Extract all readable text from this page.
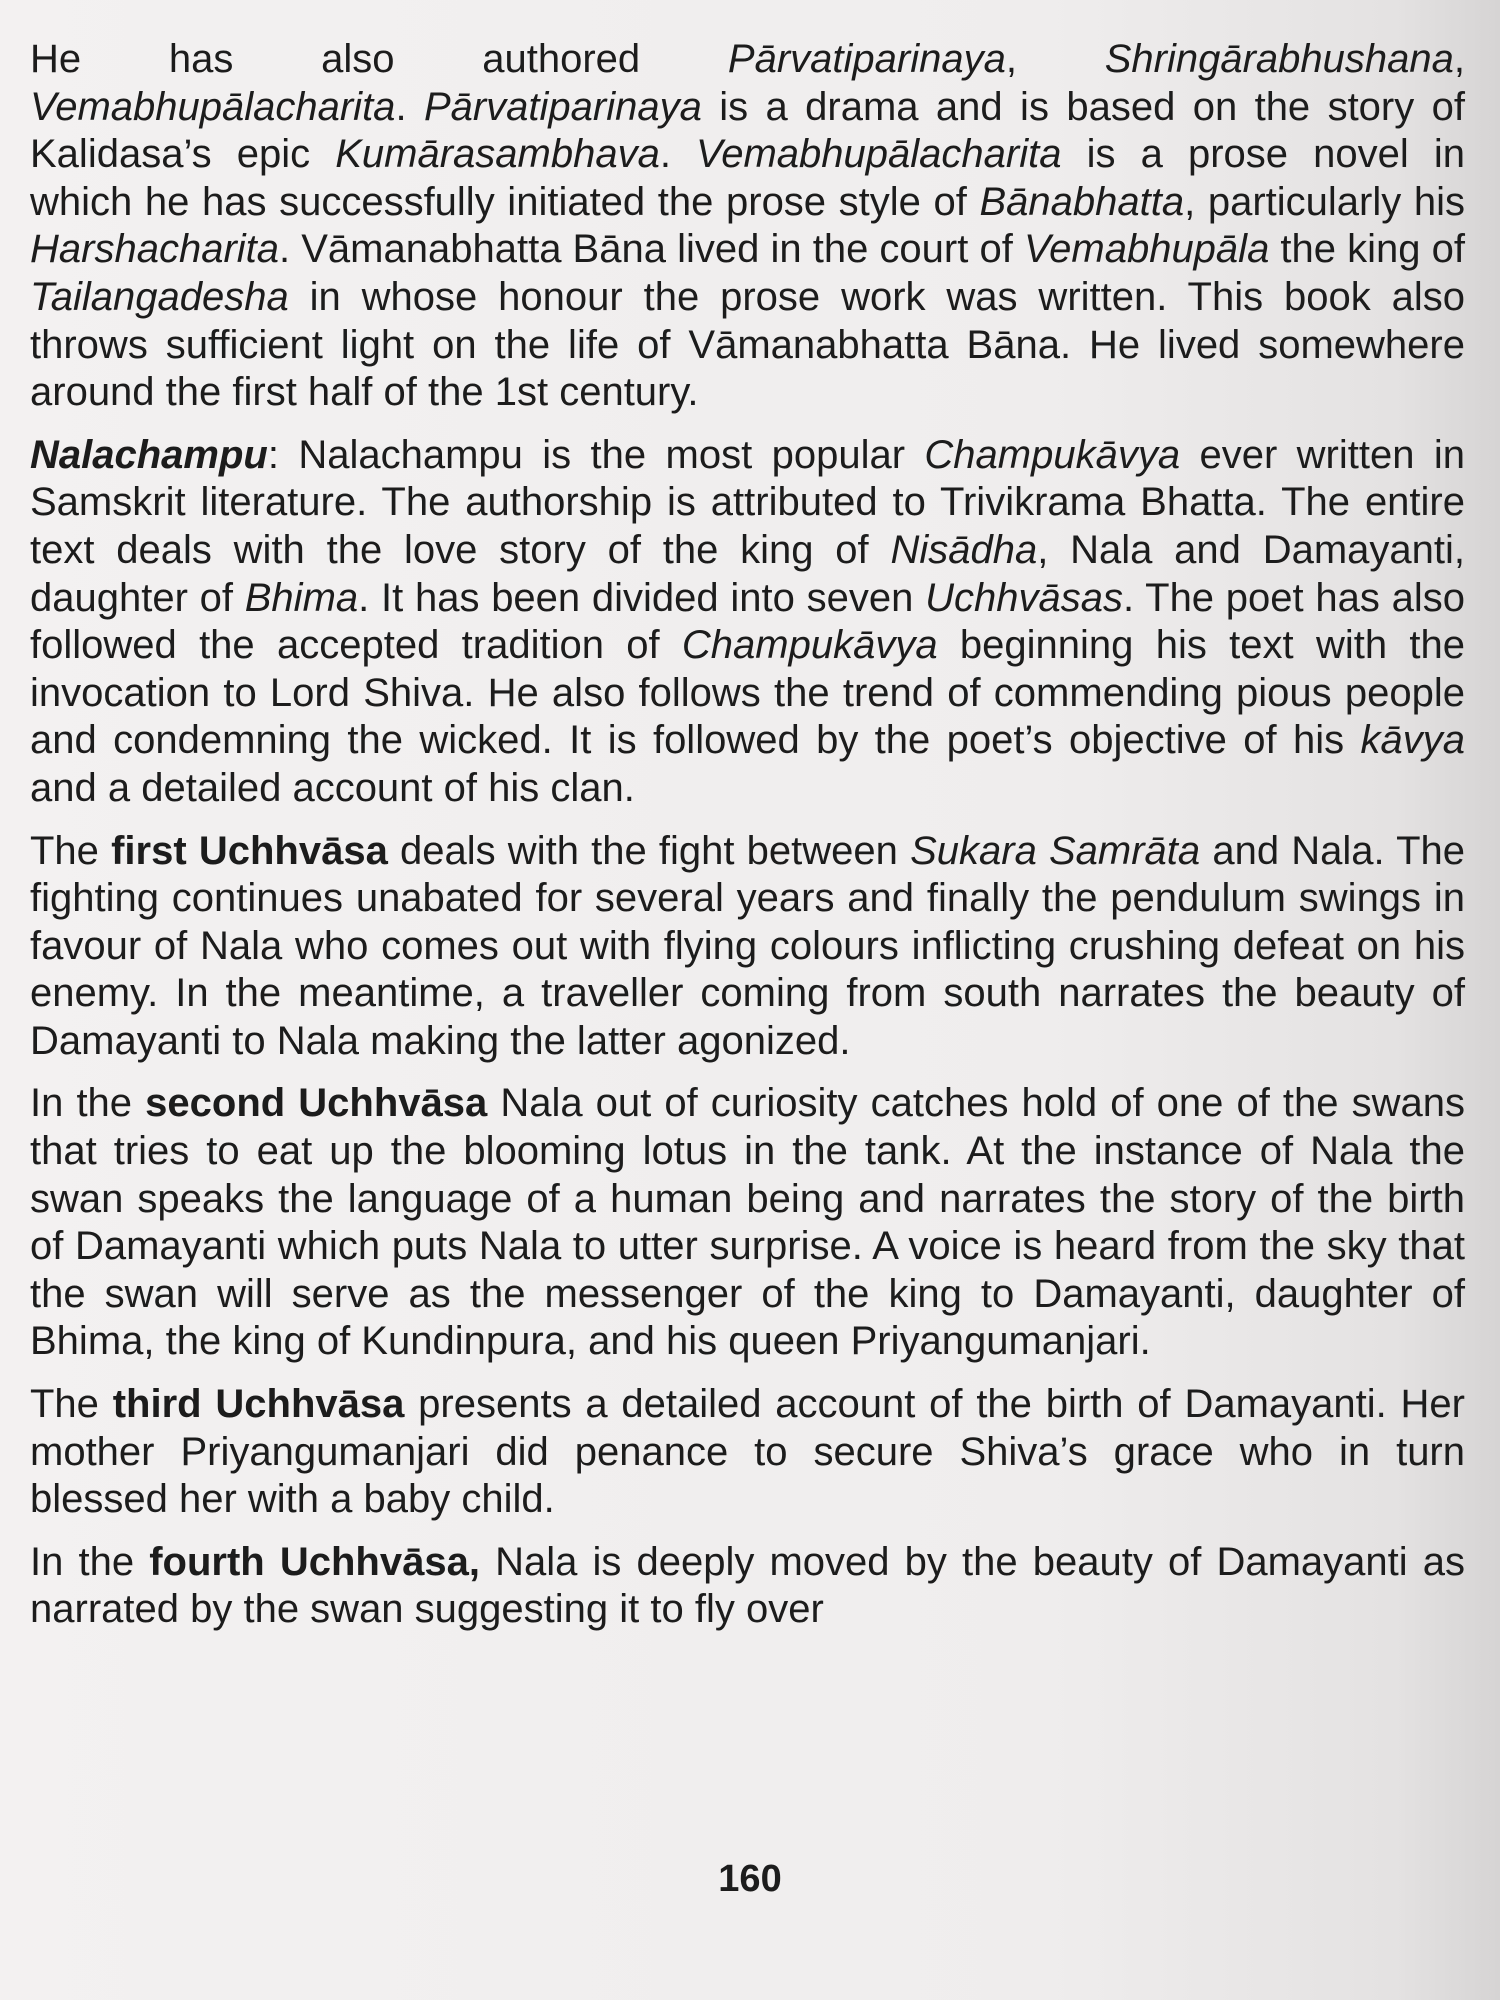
He has also authored Pārvatiparinaya, Shringārabhushana, Vemabhupālacharita. Pārvatiparinaya is a drama and is based on the story of Kalidasa’s epic Kumārasambhava. Vemabhupālacharita is a prose novel in which he has successfully initiated the prose style of Bānabhatta, particularly his Harshacharita. Vāmanabhatta Bāna lived in the court of Vemabhupāla the king of Tailangadesha in whose honour the prose work was written. This book also throws sufficient light on the life of Vāmanabhatta Bāna. He lived somewhere around the first half of the 1st century.

Nalachampu: Nalachampu is the most popular Champukāvya ever written in Samskrit literature. The authorship is attributed to Trivikrama Bhatta. The entire text deals with the love story of the king of Nisādha, Nala and Damayanti, daughter of Bhima. It has been divided into seven Uchhvāsas. The poet has also followed the accepted tradition of Champukāvya beginning his text with the invocation to Lord Shiva. He also follows the trend of commending pious people and condemning the wicked. It is followed by the poet’s objective of his kāvya and a detailed account of his clan.

The first Uchhvāsa deals with the fight between Sukara Samrāta and Nala. The fighting continues unabated for several years and finally the pendulum swings in favour of Nala who comes out with flying colours inflicting crushing defeat on his enemy. In the meantime, a traveller coming from south narrates the beauty of Damayanti to Nala making the latter agonized.

In the second Uchhvāsa Nala out of curiosity catches hold of one of the swans that tries to eat up the blooming lotus in the tank. At the instance of Nala the swan speaks the language of a human being and narrates the story of the birth of Damayanti which puts Nala to utter surprise. A voice is heard from the sky that the swan will serve as the messenger of the king to Damayanti, daughter of Bhima, the king of Kundinpura, and his queen Priyangumanjari.

The third Uchhvāsa presents a detailed account of the birth of Damayanti. Her mother Priyangumanjari did penance to secure Shiva’s grace who in turn blessed her with a baby child.

In the fourth Uchhvāsa, Nala is deeply moved by the beauty of Damayanti as narrated by the swan suggesting it to fly over

160
